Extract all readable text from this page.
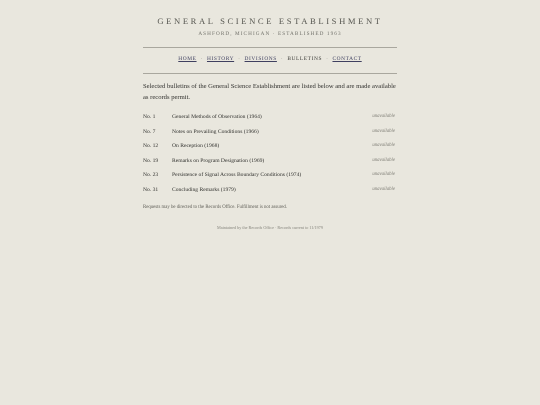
GENERAL SCIENCE ESTABLISHMENT
ASHFORD, MICHIGAN · ESTABLISHED 1963
HOME · HISTORY · DIVISIONS · BULLETINS · CONTACT

Selected bulletins of the General Science Establishment are listed below and are made available as records permit.

No. 1	General Methods of Observation (1964)	unavailable
No. 7	Notes on Prevailing Conditions (1966)	unavailable
No. 12 On Reception (1968)	unavailable
No. 19 Remarks on Program Designation (1969)	unavailable
No. 23 Persistence of Signal Across Boundary Conditions (1974)	unavailable
No. 31 Concluding Remarks (1979)	unavailable
Requests may be directed to the Records Office. Fulfillment is not assured.
Maintained by the Records Office · Records current to 11/1979
